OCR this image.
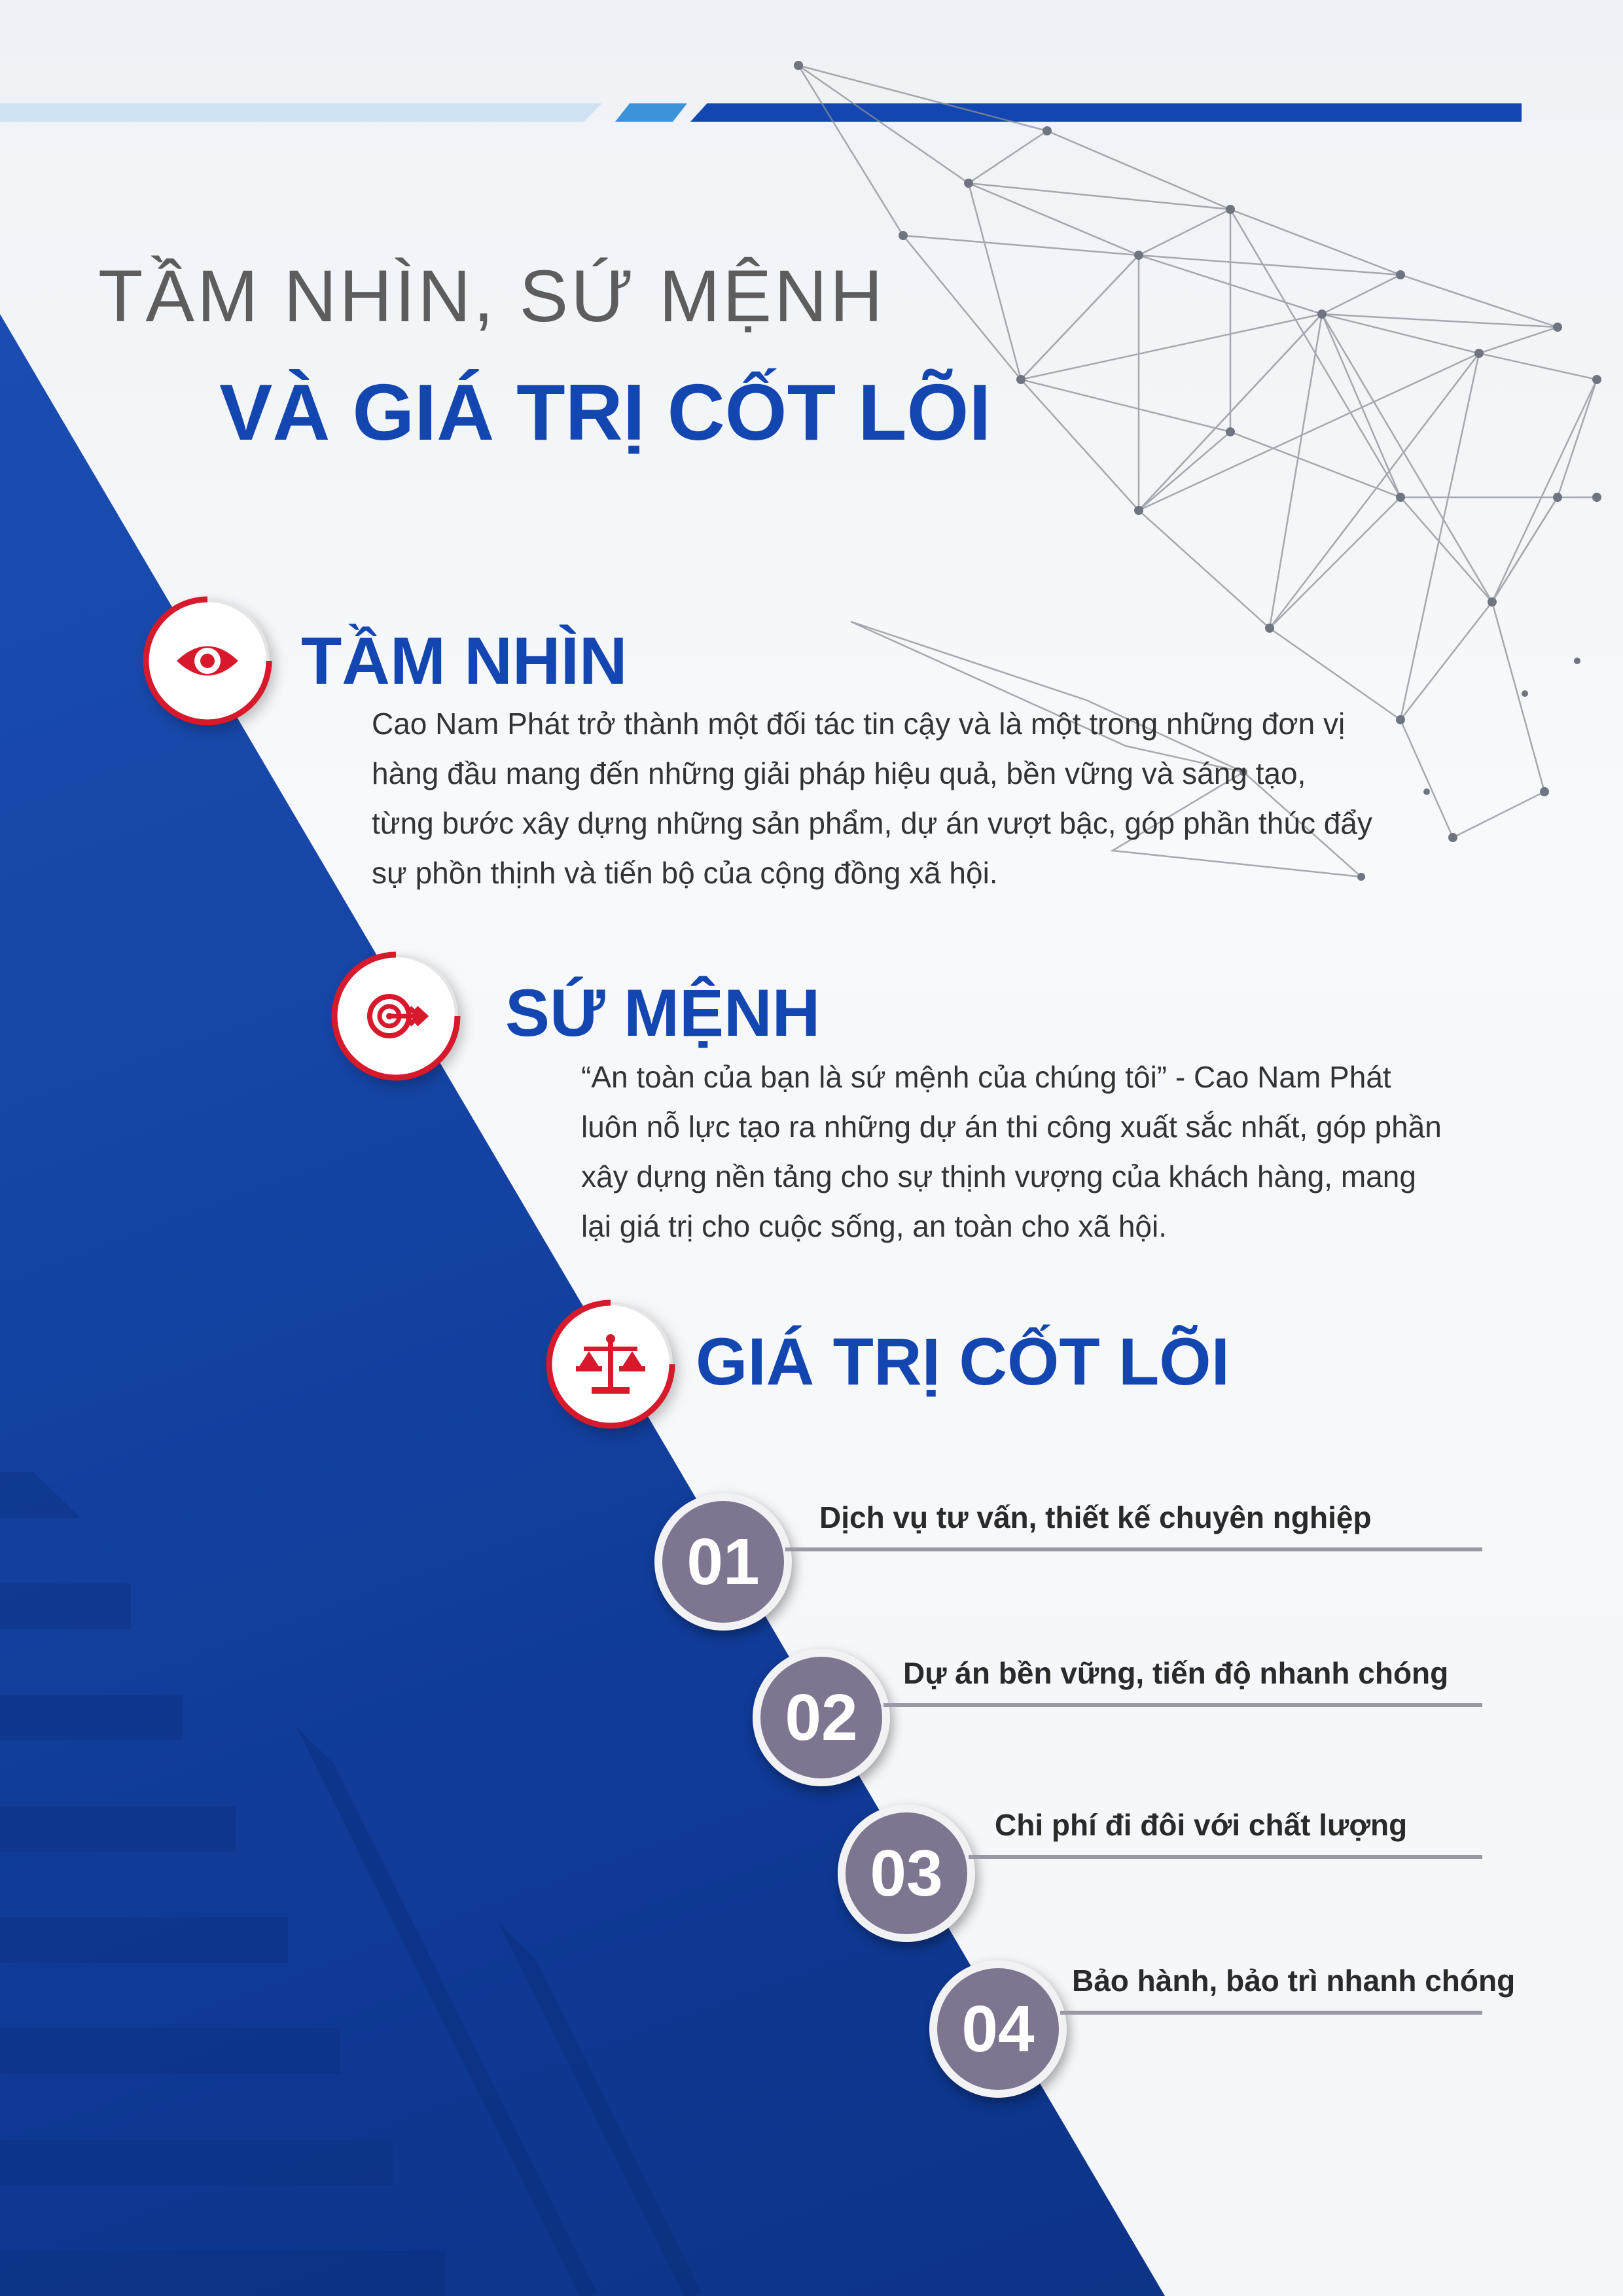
TẦM NHÌN, SỨ MỆNH
VÀ GIÁ TRỊ CỐT LÕI
TẦM NHÌN

Cao Nam Phát trở thành một đối tác tin cậy và là một trong những đơn vị

hàng đầu mang đến những giải pháp hiệu quả, bền vững và sáng tạo,

từng bước xây dựng những sản phẩm, dự án vượt bậc, góp phần thúc đẩy

sự phồn thịnh và tiến bộ của cộng đồng xã hội.

SỨ MỆNH

“An toàn của bạn là sứ mệnh của chúng tôi” - Cao Nam Phát

luôn nỗ lực tạo ra những dự án thi công xuất sắc nhất, góp phần

xây dựng nền tảng cho sự thịnh vượng của khách hàng, mang

lại giá trị cho cuộc sống, an toàn cho xã hội.

GIÁ TRỊ CỐT LÕI
01
Dịch vụ tư vấn, thiết kế chuyên nghiệp
02
Dự án bền vững, tiến độ nhanh chóng
03
Chi phí đi đôi với chất lượng
04
Bảo hành, bảo trì nhanh chóng
